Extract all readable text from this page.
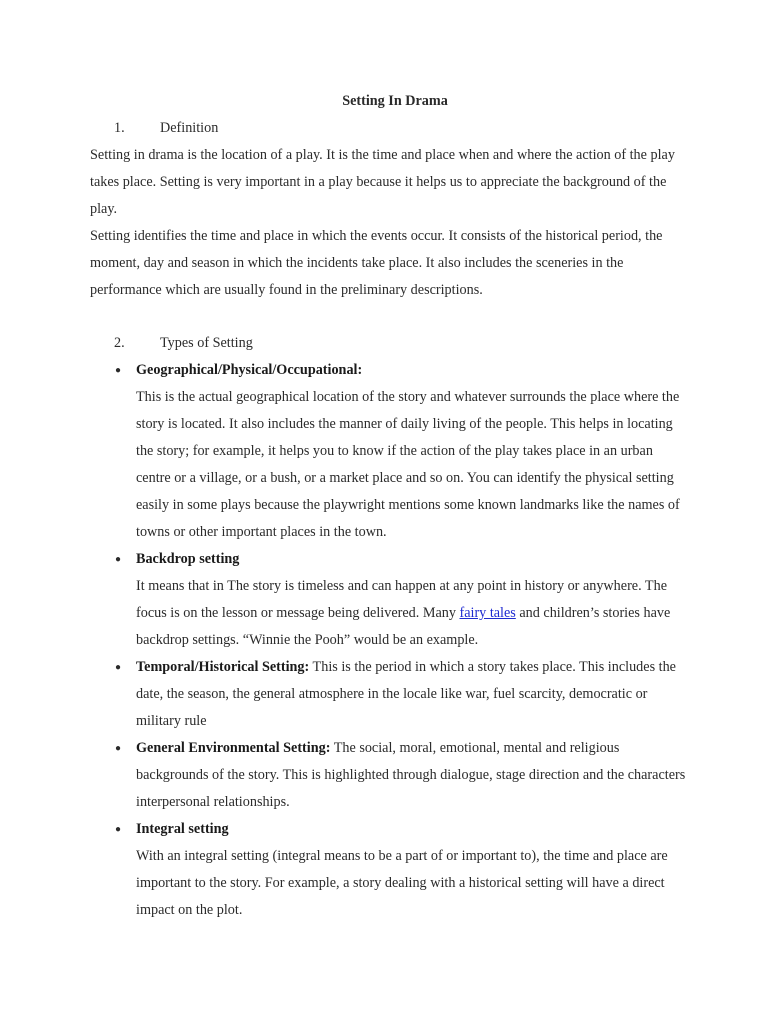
Setting In Drama
1.	Definition

Setting in drama is the location of a play. It is the time and place when and where the action of the play takes place. Setting is very important in a play because it helps us to appreciate the background of the play.

Setting identifies the time and place in which the events occur. It consists of the historical period, the moment, day and season in which the incidents take place. It also includes the sceneries in the performance which are usually found in the preliminary descriptions.

2.	Types of Setting
● Geographical/Physical/Occupational:

This is the actual geographical location of the story and whatever surrounds the place where the story is located. It also includes the manner of daily living of the people. This helps in locating the story; for example, it helps you to know if the action of the play takes place in an urban centre or a village, or a bush, or a market place and so on. You can identify the physical setting easily in some plays because the playwright mentions some known landmarks like the names of towns or other important places in the town.

● Backdrop setting

It means that in The story is timeless and can happen at any point in history or anywhere. The focus is on the lesson or message being delivered. Many fairy tales and children’s stories have backdrop settings. “Winnie the Pooh” would be an example.

● Temporal/Historical Setting: This is the period in which a story takes place. This includes the date, the season, the general atmosphere in the locale like war, fuel scarcity, democratic or military rule

● General Environmental Setting: The social, moral, emotional, mental and religious backgrounds of the story. This is highlighted through dialogue, stage direction and the characters interpersonal relationships.

● Integral setting

With an integral setting (integral means to be a part of or important to), the time and place are important to the story. For example, a story dealing with a historical setting will have a direct impact on the plot.
